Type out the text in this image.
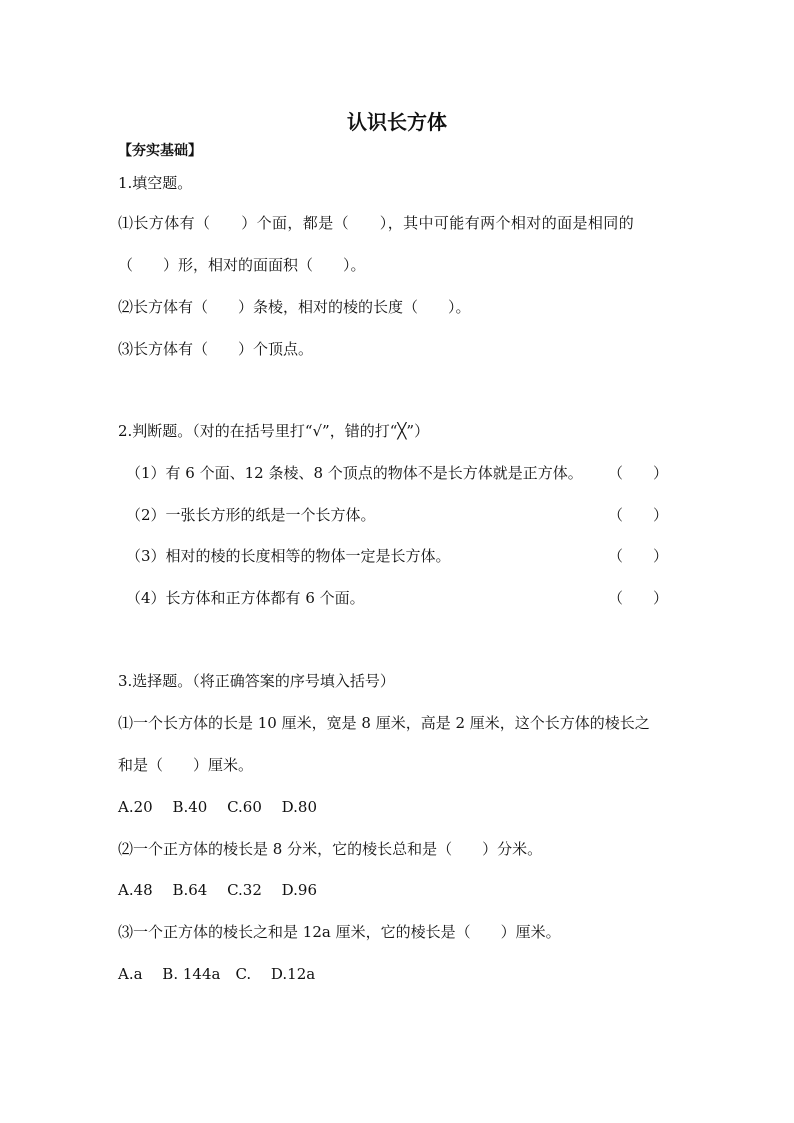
认识长方体
【夯实基础】
1.填空题。
⑴长方体有（　　）个面，都是（　　），其中可能有两个相对的面是相同的
（　　）形，相对的面面积（　　）。
⑵长方体有（　　）条棱，相对的棱的长度（　　）。
⑶长方体有（　　）个顶点。
2.判断题。（对的在括号里打“√”，错的打“╳”）
（1）有 6 个面、12 条棱、8 个顶点的物体不是长方体就是正方体。 （　　）
（2）一张长方形的纸是一个长方体。	（　　）
（3）相对的棱的长度相等的物体一定是长方体。	（　　）
（4）长方体和正方体都有 6 个面。	（　　）
3.选择题。（将正确答案的序号填入括号）
⑴一个长方体的长是 10 厘米，宽是 8 厘米，高是 2 厘米，这个长方体的棱长之
和是（　　）厘米。
A.20　 B.40　 C.60　 D.80
⑵一个正方体的棱长是 8 分米，它的棱长总和是（　　）分米。
A.48　 B.64　 C.32　 D.96
⑶一个正方体的棱长之和是 12a 厘米，它的棱长是（　　）厘米。
A.a　 B. 144a　C.　 D.12a
